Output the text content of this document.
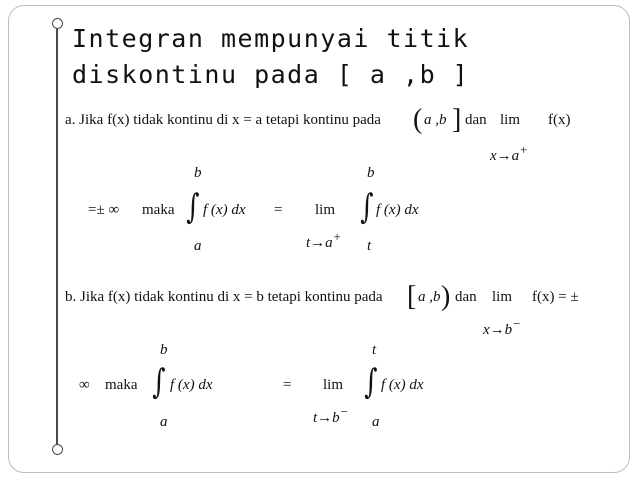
Integran mempunyai titik
diskontinu pada [ a ,b ]
a. Jika f(x) tidak kontinu di x = a tetapi kontinu pada ( a ,b ] dan lim f(x)
x→a+
b
=± ∞ maka ∫ f (x) dx = lim
t→a+
a
b
∫ f (x) dx
t
b. Jika f(x) tidak kontinu di x = b tetapi kontinu pada [ a ,b ) dan lim f(x) = ±
x→b−
b
∞ maka ∫ f (x) dx	= lim
t→b−
a
t
∫ f (x) dx
a
